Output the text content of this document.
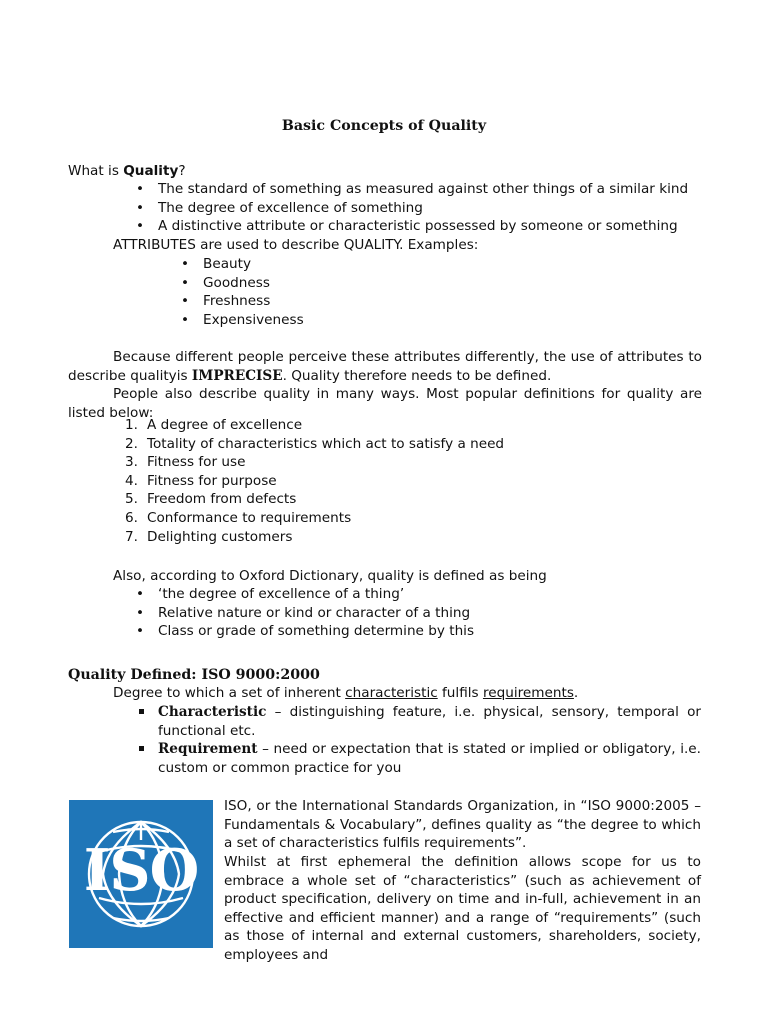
Basic Concepts of Quality
What is Quality?
• The standard of something as measured against other things of a similar kind
• The degree of excellence of something
• A distinctive attribute or characteristic possessed by someone or something
ATTRIBUTES are used to describe QUALITY. Examples:
• Beauty
• Goodness
• Freshness
• Expensiveness
Because different people perceive these attributes differently, the use of attributes to describe qualityis IMPRECISE. Quality therefore needs to be defined.
People also describe quality in many ways. Most popular definitions for quality are listed below:
1. A degree of excellence
2. Totality of characteristics which act to satisfy a need
3. Fitness for use
4. Fitness for purpose
5. Freedom from defects
6. Conformance to requirements
7. Delighting customers
Also, according to Oxford Dictionary, quality is defined as being
• ‘the degree of excellence of a thing’
• Relative nature or kind or character of a thing
• Class or grade of something determine by this
Quality Defined: ISO 9000:2000
Degree to which a set of inherent characteristic fulfils requirements.
Characteristic – distinguishing feature, i.e. physical, sensory, temporal or functional etc.
Requirement – need or expectation that is stated or implied or obligatory, i.e. custom or common practice for you
ISO
ISO, or the International Standards Organization, in “ISO 9000:2005 – Fundamentals & Vocabulary”, defines quality as “the degree to which a set of characteristics fulfils requirements”.
Whilst at first ephemeral the definition allows scope for us to embrace a whole set of “characteristics” (such as achievement of product specification, delivery on time and in-full, achievement in an effective and efficient manner) and a range of “requirements” (such as those of internal and external customers, shareholders, society, employees and
